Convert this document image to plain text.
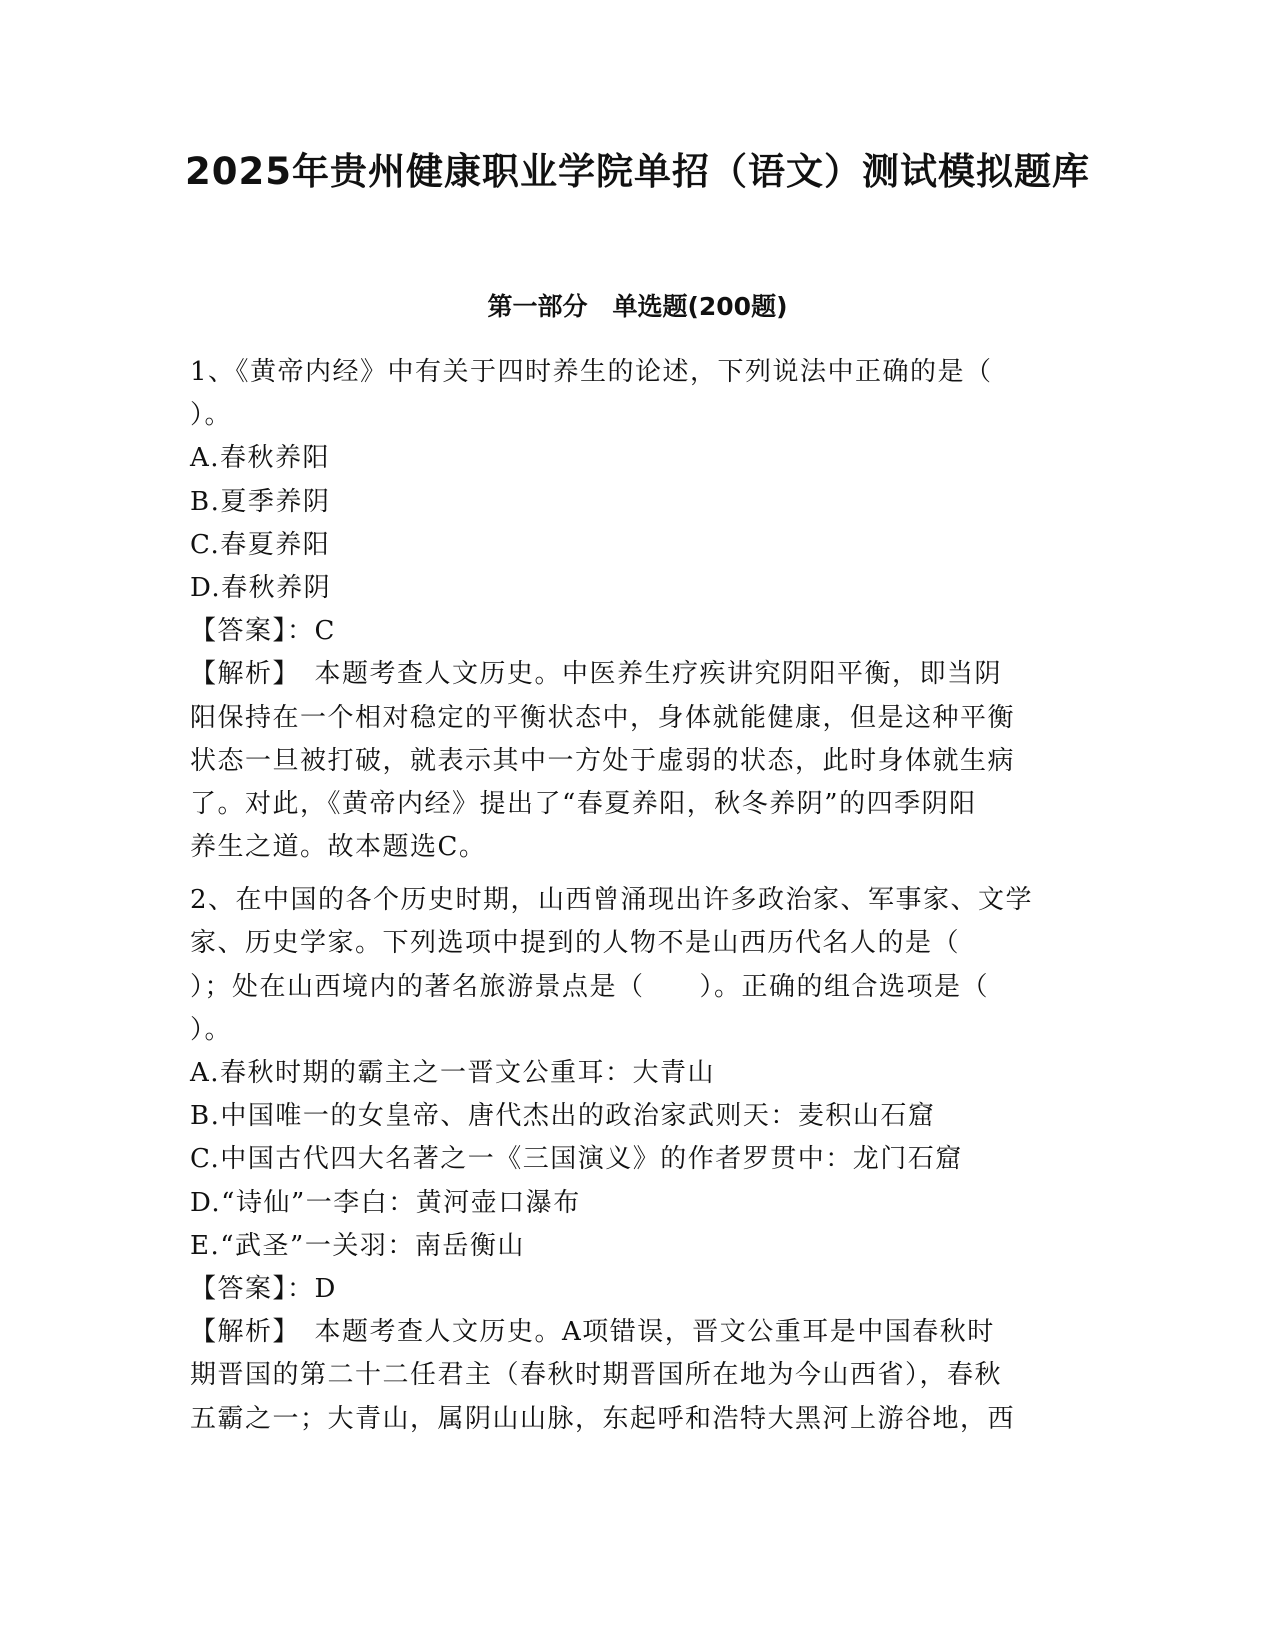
2025年贵州健康职业学院单招（语文）测试模拟题库
第一部分　单选题(200题)
1、《黄帝内经》中有关于四时养生的论述，下列说法中正确的是（
）。
A.春秋养阳
B.夏季养阴
C.春夏养阳
D.春秋养阴
【答案】：C
【解析】　本题考查人文历史。中医养生疗疾讲究阴阳平衡，即当阴
阳保持在一个相对稳定的平衡状态中，身体就能健康，但是这种平衡
状态一旦被打破，就表示其中一方处于虚弱的状态，此时身体就生病
了。对此，《黄帝内经》提出了“春夏养阳，秋冬养阴”的四季阴阳
养生之道。故本题选C。
2、在中国的各个历史时期，山西曾涌现出许多政治家、军事家、文学
家、历史学家。下列选项中提到的人物不是山西历代名人的是（
）；处在山西境内的著名旅游景点是（　　）。正确的组合选项是（
）。
A.春秋时期的霸主之一晋文公重耳：大青山
B.中国唯一的女皇帝、唐代杰出的政治家武则天：麦积山石窟
C.中国古代四大名著之一《三国演义》的作者罗贯中：龙门石窟
D.“诗仙”一李白：黄河壶口瀑布
E.“武圣”一关羽：南岳衡山
【答案】：D
【解析】　本题考查人文历史。A项错误，晋文公重耳是中国春秋时
期晋国的第二十二任君主（春秋时期晋国所在地为今山西省），春秋
五霸之一；大青山，属阴山山脉，东起呼和浩特大黑河上游谷地，西
